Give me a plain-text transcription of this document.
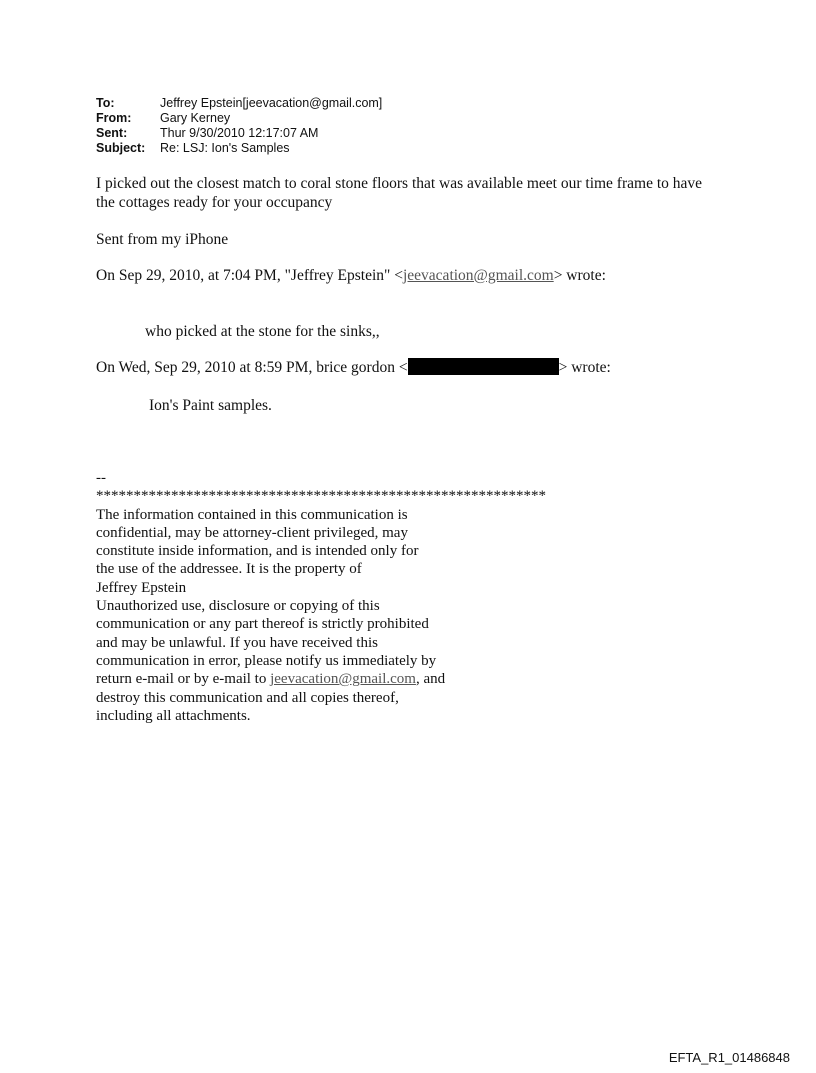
To:	Jeffrey Epstein[jeevacation@gmail.com]
From:	Gary Kerney
Sent:	Thur 9/30/2010 12:17:07 AM
Subject:	Re: LSJ: Ion's Samples
I picked out the closest match to coral stone floors that was available meet our time frame to have
the cottages ready for your occupancy
Sent from my iPhone
On Sep 29, 2010, at 7:04 PM, "Jeffrey Epstein" <jeevacation@gmail.com> wrote:
who picked at the stone for the sinks,,
On Wed, Sep 29, 2010 at 8:59 PM, brice gordon <	> wrote:
Ion's Paint samples.
--
************************************************************
The information contained in this communication is
confidential, may be attorney-client privileged, may
constitute inside information, and is intended only for
the use of the addressee. It is the property of
Jeffrey Epstein
Unauthorized use, disclosure or copying of this
communication or any part thereof is strictly prohibited
and may be unlawful. If you have received this
communication in error, please notify us immediately by
return e-mail or by e-mail to jeevacation@gmail.com, and
destroy this communication and all copies thereof,
including all attachments.
EFTA_R1_01486848
